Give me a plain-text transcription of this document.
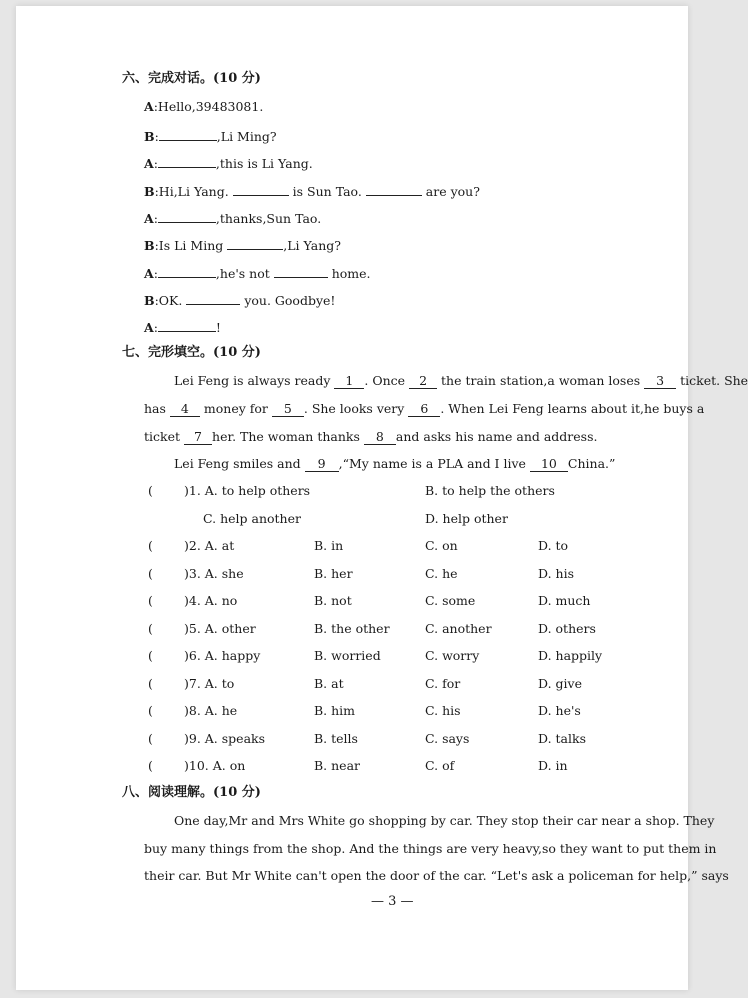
六、完成对话。(10 分)
A:Hello,39483081.
B:	,Li Ming?
A:	,this is Li Yang.
B:Hi,Li Yang.	is Sun Tao.	are you?
A:	,thanks,Sun Tao.
B:Is Li Ming	,Li Yang?
A:	,he's not	home.
B:OK.	you. Goodbye!
A:	!
七、完形填空。(10 分)
Lei Feng is always ready 1 . Once 2 the train station,a woman loses 3 ticket. She
has 4 money for 5 . She looks very 6 . When Lei Feng learns about it,he buys a
ticket 7 her. The woman thanks 8 and asks his name and address.
Lei Feng smiles and 9 ,“My name is a PLA and I live 10 China.”
( )1. A. to help others	B. to help the others
C. help another	D. help other
( )2. A. at	B. in	C. on	D. to
( )3. A. she	B. her	C. he	D. his
( )4. A. no	B. not	C. some	D. much
( )5. A. other	B. the other	C. another	D. others
( )6. A. happy	B. worried	C. worry	D. happily
( )7. A. to	B. at	C. for	D. give
( )8. A. he	B. him	C. his	D. he's
( )9. A. speaks	B. tells	C. says	D. talks
( )10. A. on	B. near	C. of	D. in
八、阅读理解。(10 分)
One day,Mr and Mrs White go shopping by car. They stop their car near a shop. They
buy many things from the shop. And the things are very heavy,so they want to put them in
their car. But Mr White can't open the door of the car. “Let's ask a policeman for help,” says
— 3 —
